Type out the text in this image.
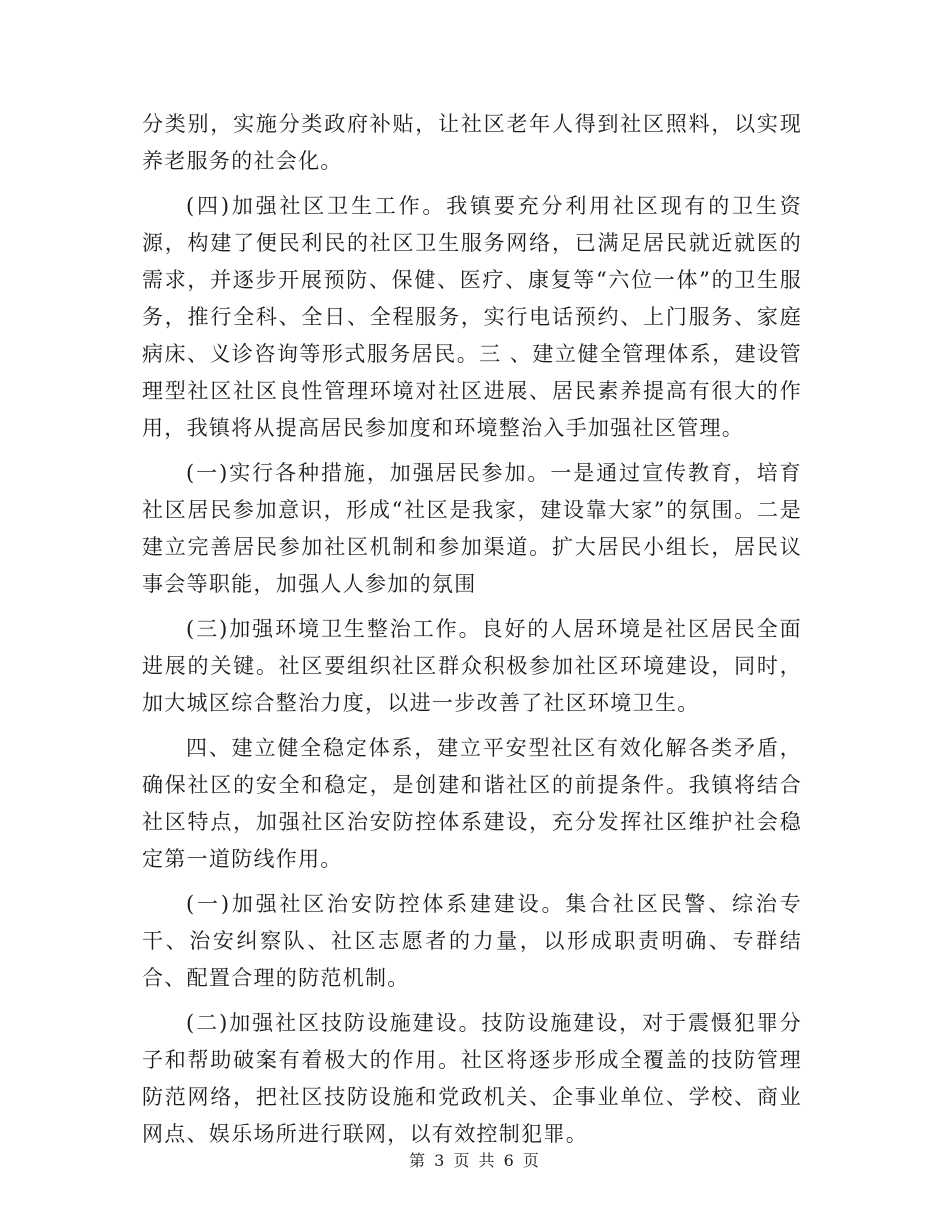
分类别，实施分类政府补贴，让社区老年人得到社区照料，以实现养老服务的社会化。

(四)加强社区卫生工作。我镇要充分利用社区现有的卫生资源，构建了便民利民的社区卫生服务网络，已满足居民就近就医的需求，并逐步开展预防、保健、医疗、康复等“六位一体”的卫生服务，推行全科、全日、全程服务，实行电话预约、上门服务、家庭病床、义诊咨询等形式服务居民。三 、建立健全管理体系，建设管理型社区社区良性管理环境对社区进展、居民素养提高有很大的作用，我镇将从提高居民参加度和环境整治入手加强社区管理。

(一)实行各种措施，加强居民参加。一是通过宣传教育，培育社区居民参加意识，形成“社区是我家，建设靠大家”的氛围。二是建立完善居民参加社区机制和参加渠道。扩大居民小组长，居民议事会等职能，加强人人参加的氛围

(三)加强环境卫生整治工作。良好的人居环境是社区居民全面进展的关键。社区要组织社区群众积极参加社区环境建设，同时，加大城区综合整治力度，以进一步改善了社区环境卫生。

四、建立健全稳定体系，建立平安型社区有效化解各类矛盾，确保社区的安全和稳定，是创建和谐社区的前提条件。我镇将结合社区特点，加强社区治安防控体系建设，充分发挥社区维护社会稳定第一道防线作用。

(一)加强社区治安防控体系建建设。集合社区民警、综治专干、治安纠察队、社区志愿者的力量，以形成职责明确、专群结合、配置合理的防范机制。

(二)加强社区技防设施建设。技防设施建设，对于震慑犯罪分子和帮助破案有着极大的作用。社区将逐步形成全覆盖的技防管理防范网络，把社区技防设施和党政机关、企事业单位、学校、商业网点、娱乐场所进行联网，以有效控制犯罪。

第 3 页 共 6 页
